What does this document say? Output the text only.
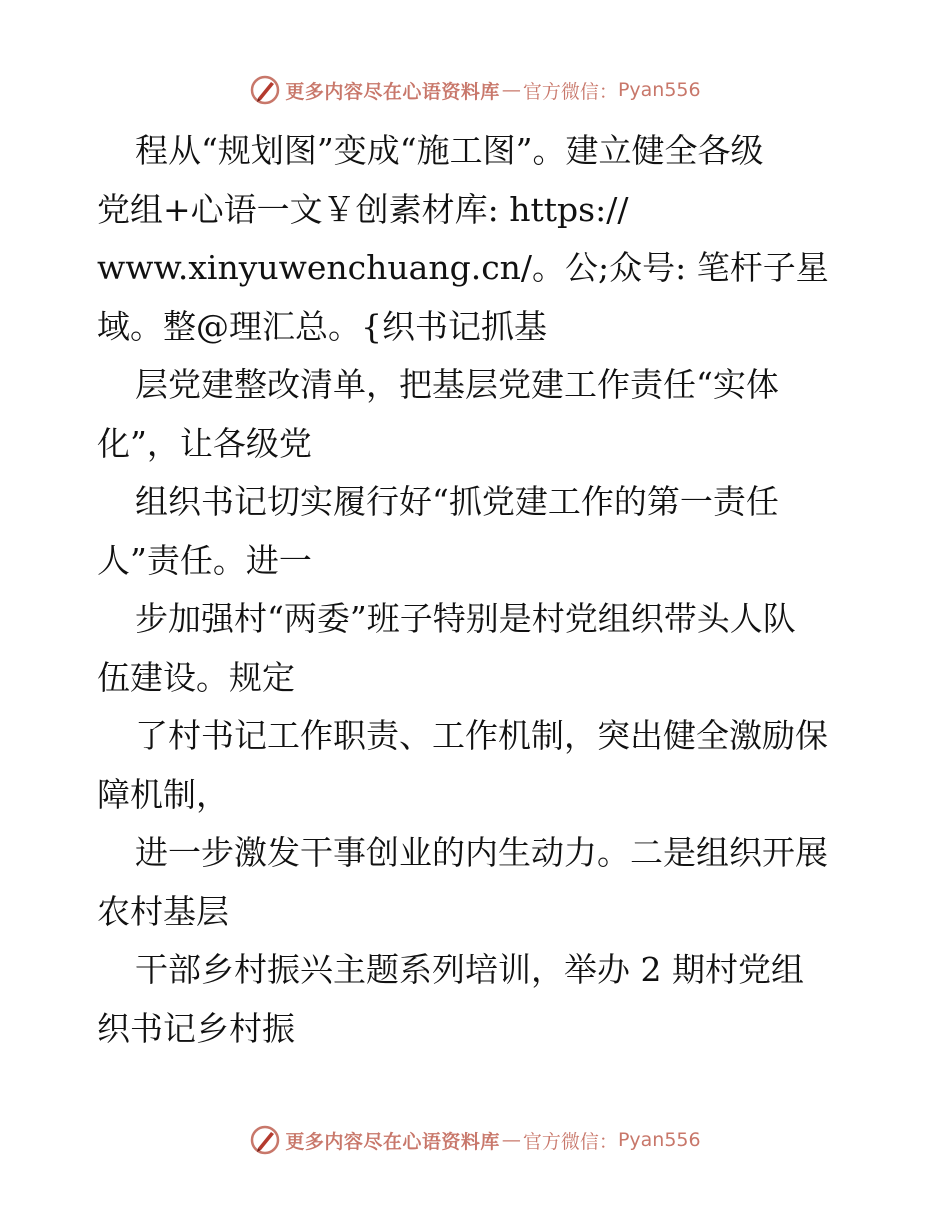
更多内容尽在心语资料库 — 官方微信： Pyan556
程从“规划图”变成“施工图”。建立健全各级
党组+心语一文￥创素材库: https://
www.xinyuwenchuang.cn/。公;众号: 笔杆子星
域。整@理汇总。{织书记抓基
层党建整改清单，把基层党建工作责任“实体
化”，让各级党
组织书记切实履行好“抓党建工作的第一责任
人”责任。进一
步加强村“两委”班子特别是村党组织带头人队
伍建设。规定
了村书记工作职责、工作机制，突出健全激励保
障机制，
进一步激发干事创业的内生动力。二是组织开展
农村基层
干部乡村振兴主题系列培训，举办 2 期村党组
织书记乡村振
更多内容尽在心语资料库 — 官方微信： Pyan556
